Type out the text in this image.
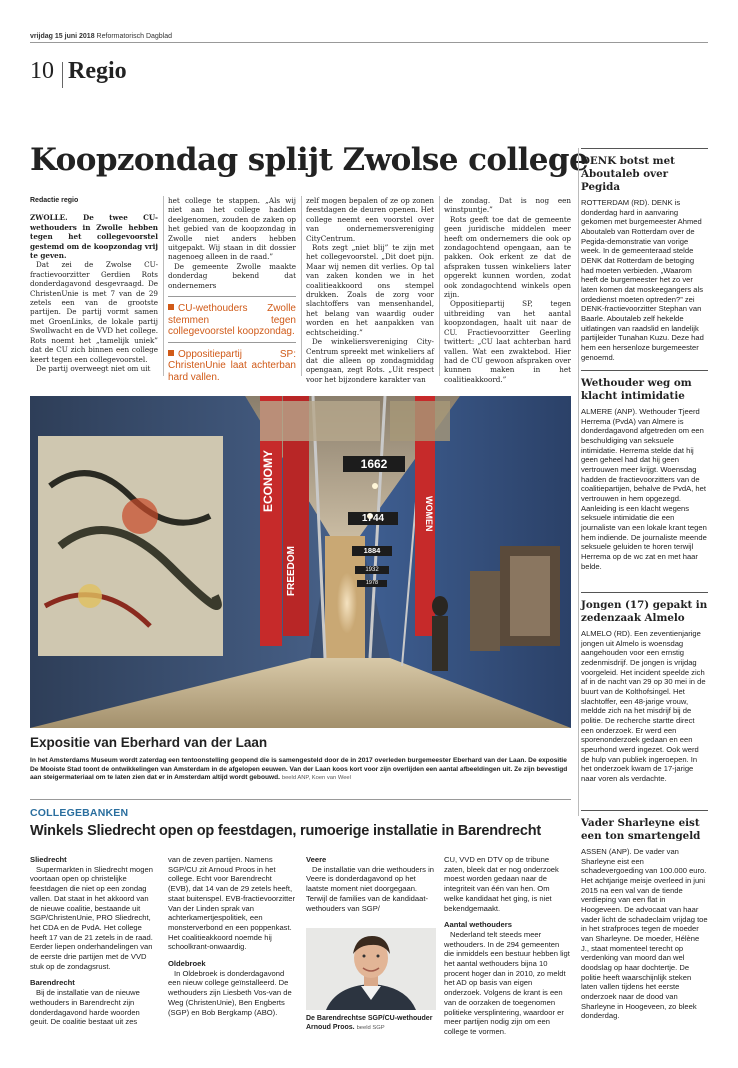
vrijdag 15 juni 2018 Reformatorisch Dagblad
10 Regio
Koopzondag splijt Zwolse college

Redactie regio

ZWOLLE. De twee CU-wethouders in Zwolle hebben tegen het collegevoorstel gestemd om de koopzondag vrij te geven.

Dat zei de Zwolse CU-fractievoorzitter Gerdien Rots donderdagavond desgevraagd. De ChristenUnie is met 7 van de 29 zetels een van de grootste partijen. De partij vormt samen met GroenLinks, de lokale partij Swollwacht en de VVD het college. Rots noemt het „tamelijk uniek” dat de CU zich binnen een college keert tegen een collegevoorstel.

De partij overweegt niet om uit

het college te stappen. „Als wij niet aan het college hadden deelgenomen, zouden de zaken op het gebied van de koopzondag in Zwolle niet anders hebben uitgepakt. Wij staan in dit dossier nagenoeg alleen in de raad.”

De gemeente Zwolle maakte donderdag bekend dat ondernemers

CU-wethouders Zwolle stemmen tegen collegevoorstel koopzondag.
Oppositiepartij SP: ChristenUnie laat achterban hard vallen.

zelf mogen bepalen of ze op zonen feestdagen de deuren openen. Het college neemt een voorstel over van ondernemersvereniging CityCentrum.

Rots zegt „niet blij” te zijn met het collegevoorstel. „Dit doet pijn. Maar wij nemen dit verlies. Op tal van zaken konden we in het coalitieakkoord ons stempel drukken. Zoals de zorg voor slachtoffers van mensenhandel, het belang van waardig ouder worden en het aanpakken van echtscheiding.”

De winkeliersvereniging City-Centrum spreekt met winkeliers af dat die alleen op zondagmiddag opengaan, zegt Rots. „Uit respect voor het bijzondere karakter van

de zondag. Dat is nog een winstpuntje.”

Rots geeft toe dat de gemeente geen juridische middelen meer heeft om ondernemers die ook op zondagochtend opengaan, aan te pakken. Ook erkent ze dat de afspraken tussen winkeliers later opgerekt kunnen worden, zodat ook zondagochtend winkels open zijn.

Oppositiepartij SP, tegen uitbreiding van het aantal koopzondagen, haalt uit naar de CU. Fractievoorzitter Geerling twittert: „CU laat achterban hard vallen. Wat een zwaktebod. Hier had de CU gewoon afspraken over kunnen maken in het coalitieakkoord.”

ECONOMY
FREEDOM
WOMEN
1662
1744
1884
1932
1978
Expositie van Eberhard van der Laan
In het Amsterdams Museum wordt zaterdag een tentoonstelling geopend die is samengesteld door de in 2017 overleden burgemeester Eberhard van der Laan. De expositie De Mooiste Stad toont de ontwikkelingen van Amsterdam in de afgelopen eeuwen. Van der Laan koos kort voor zijn overlijden een aantal afbeeldingen uit. Ze zijn bevestigd aan steigermateriaal om te laten zien dat er in Amsterdam altijd wordt gebouwd. beeld ANP, Koen van Weel
COLLEGEBANKEN
Winkels Sliedrecht open op feestdagen, rumoerige installatie in Barendrecht

Sliedrecht

Supermarkten in Sliedrecht mogen voortaan open op christelijke feestdagen die niet op een zondag vallen. Dat staat in het akkoord van de nieuwe coalitie, bestaande uit SGP/ChristenUnie, PRO Sliedrecht, het CDA en de PvdA. Het college heeft 17 van de 21 zetels in de raad. Eerder liepen onderhandelingen van de eerste drie partijen met de VVD stuk op de zondagsrust.

Barendrecht

Bij de installatie van de nieuwe wethouders in Barendrecht zijn donderdagavond harde woorden geuit. De coalitie bestaat uit zes

van de zeven partijen. Namens SGP/CU zit Arnoud Proos in het college. Echt voor Barendrecht (EVB), dat 14 van de 29 zetels heeft, staat buitenspel. EVB-fractievoorzitter Van der Linden sprak van achterkamertjespolitiek, een monsterverbond en een poppenkast. Het coalitieakkoord noemde hij schoolkrant-onwaardig.

Oldebroek

In Oldebroek is donderdagavond een nieuw college geïnstalleerd. De wethouders zijn Liesbeth Vos-van de Weg (ChristenUnie), Ben Engberts (SGP) en Bob Bergkamp (ABO).

Veere

De installatie van drie wethouders in Veere is donderdagavond op het laatste moment niet doorgegaan. Terwijl de families van de kandidaat-wethouders van SGP/

De Barendrechtse SGP/CU-wethouder Arnoud Proos. beeld SGP

CU, VVD en DTV op de tribune zaten, bleek dat er nog onderzoek moest worden gedaan naar de integriteit van één van hen. Om welke kandidaat het ging, is niet bekendgemaakt.

Aantal wethouders

Nederland telt steeds meer wethouders. In de 294 gemeenten die inmiddels een bestuur hebben ligt het aantal wethouders bijna 10 procent hoger dan in 2010, zo meldt het AD op basis van eigen onderzoek. Volgens de krant is een van de oorzaken de toegenomen politieke versplintering, waardoor er meer partijen nodig zijn om een college te vormen.

DENK botst met Aboutaleb over Pegida
ROTTERDAM (RD). DENK is donderdag hard in aanvaring gekomen met burgemeester Ahmed Aboutaleb van Rotterdam over de Pegida-demonstratie van vorige week. In de gemeenteraad stelde DENK dat Rotterdam de betoging had moeten verbieden. „Waarom heeft de burgemeester het zo ver laten komen dat moskeegangers als ordedienst moeten optreden?” zei DENK-fractievoorzitter Stephan van Baarle. Aboutaleb zelf hekelde uitlatingen van raadslid en landelijk partijleider Tunahan Kuzu. Deze had hem een hersenloze burgemeester genoemd.
Wethouder weg om klacht intimidatie
ALMERE (ANP). Wethouder Tjeerd Herrema (PvdA) van Almere is donderdagavond afgetreden om een beschuldiging van seksuele intimidatie. Herrema stelde dat hij geen geheel had dat hij geen vertrouwen meer krijgt. Woensdag hadden de fractievoorzitters van de coalitiepartijen, behalve de PvdA, het vertrouwen in hem opgezegd. Aanleiding is een klacht wegens seksuele intimidatie die een journaliste van een lokale krant tegen hem indiende. De journaliste meende seksuele geluiden te horen terwijl Herrema op de wc zat en met haar belde.
Jongen (17) gepakt in zedenzaak Almelo
ALMELO (RD). Een zeventienjarige jongen uit Almelo is woensdag aangehouden voor een ernstig zedenmisdrijf. De jongen is vrijdag voorgeleid. Het incident speelde zich af in de nacht van 29 op 30 mei in de buurt van de Kolthofsingel. Het slachtoffer, een 48-jarige vrouw, meldde zich na het misdrijf bij de politie. De recherche startte direct een onderzoek. Er werd een sporenonderzoek gedaan en een speurhond werd ingezet. Ook werd de hulp van publiek ingeroepen. In het onderzoek kwam de 17-jarige naar voren als verdachte.
Vader Sharleyne eist een ton smartengeld
ASSEN (ANP). De vader van Sharleyne eist een schadevergoeding van 100.000 euro. Het achtjarige meisje overleed in juni 2015 na een val van de tiende verdieping van een flat in Hoogeveen. De advocaat van haar vader licht de schadeclaim vrijdag toe in het strafproces tegen de moeder van Sharleyne. De moeder, Hélène J., staat momenteel terecht op verdenking van moord dan wel doodslag op haar dochtertje. De politie heeft waarschijnlijk steken laten vallen tijdens het eerste onderzoek naar de dood van Sharleyne in Hoogeveen, zo bleek donderdag.
